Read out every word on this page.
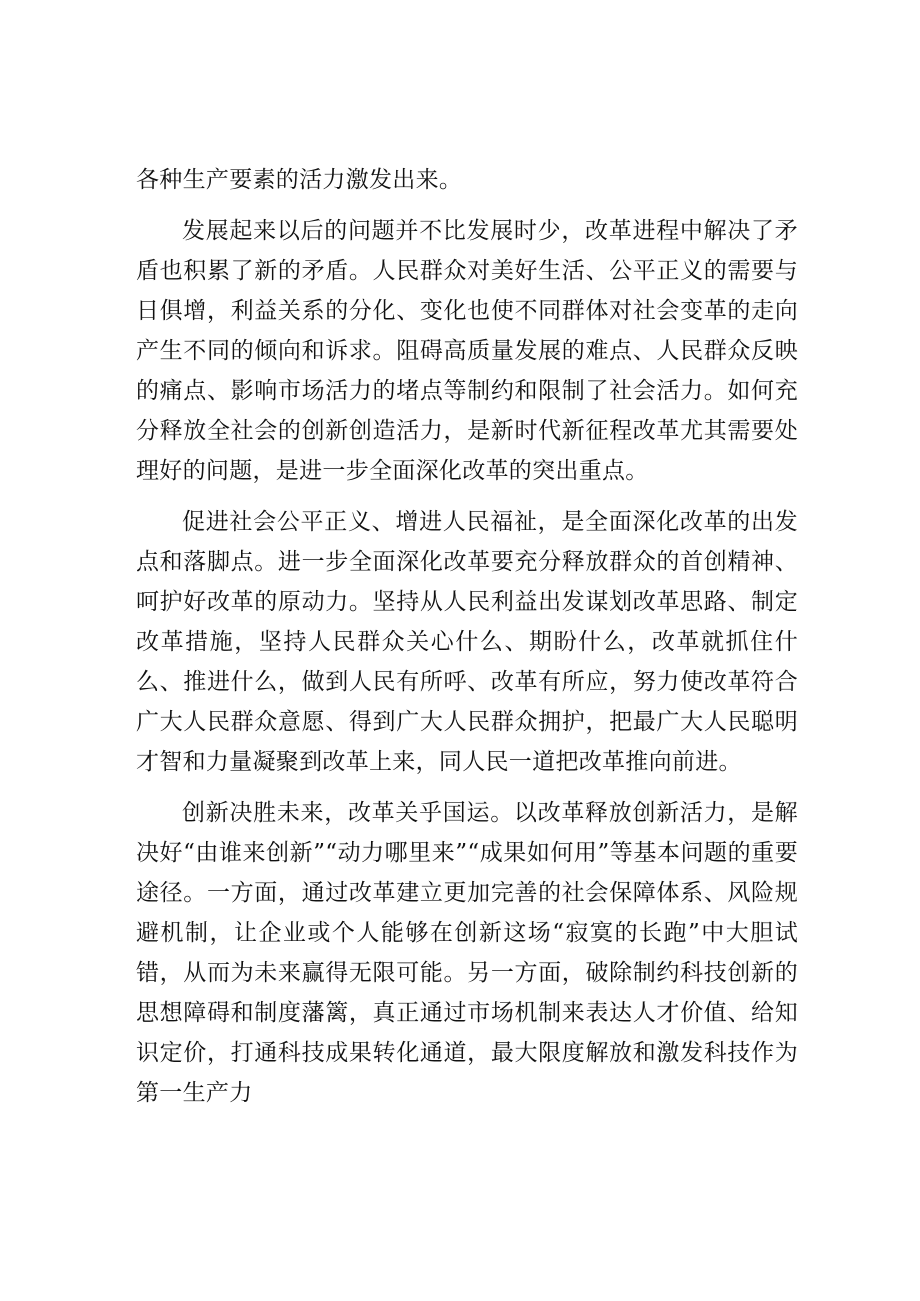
各种生产要素的活力激发出来。

发展起来以后的问题并不比发展时少，改革进程中解决了矛盾也积累了新的矛盾。人民群众对美好生活、公平正义的需要与日俱增，利益关系的分化、变化也使不同群体对社会变革的走向产生不同的倾向和诉求。阻碍高质量发展的难点、人民群众反映的痛点、影响市场活力的堵点等制约和限制了社会活力。如何充分释放全社会的创新创造活力，是新时代新征程改革尤其需要处理好的问题，是进一步全面深化改革的突出重点。

促进社会公平正义、增进人民福祉，是全面深化改革的出发点和落脚点。进一步全面深化改革要充分释放群众的首创精神、呵护好改革的原动力。坚持从人民利益出发谋划改革思路、制定改革措施，坚持人民群众关心什么、期盼什么，改革就抓住什么、推进什么，做到人民有所呼、改革有所应，努力使改革符合广大人民群众意愿、得到广大人民群众拥护，把最广大人民聪明才智和力量凝聚到改革上来，同人民一道把改革推向前进。

创新决胜未来，改革关乎国运。以改革释放创新活力，是解决好“由谁来创新”“动力哪里来”“成果如何用”等基本问题的重要途径。一方面，通过改革建立更加完善的社会保障体系、风险规避机制，让企业或个人能够在创新这场“寂寞的长跑”中大胆试错，从而为未来赢得无限可能。另一方面，破除制约科技创新的思想障碍和制度藩篱，真正通过市场机制来表达人才价值、给知识定价，打通科技成果转化通道，最大限度解放和激发科技作为第一生产力
